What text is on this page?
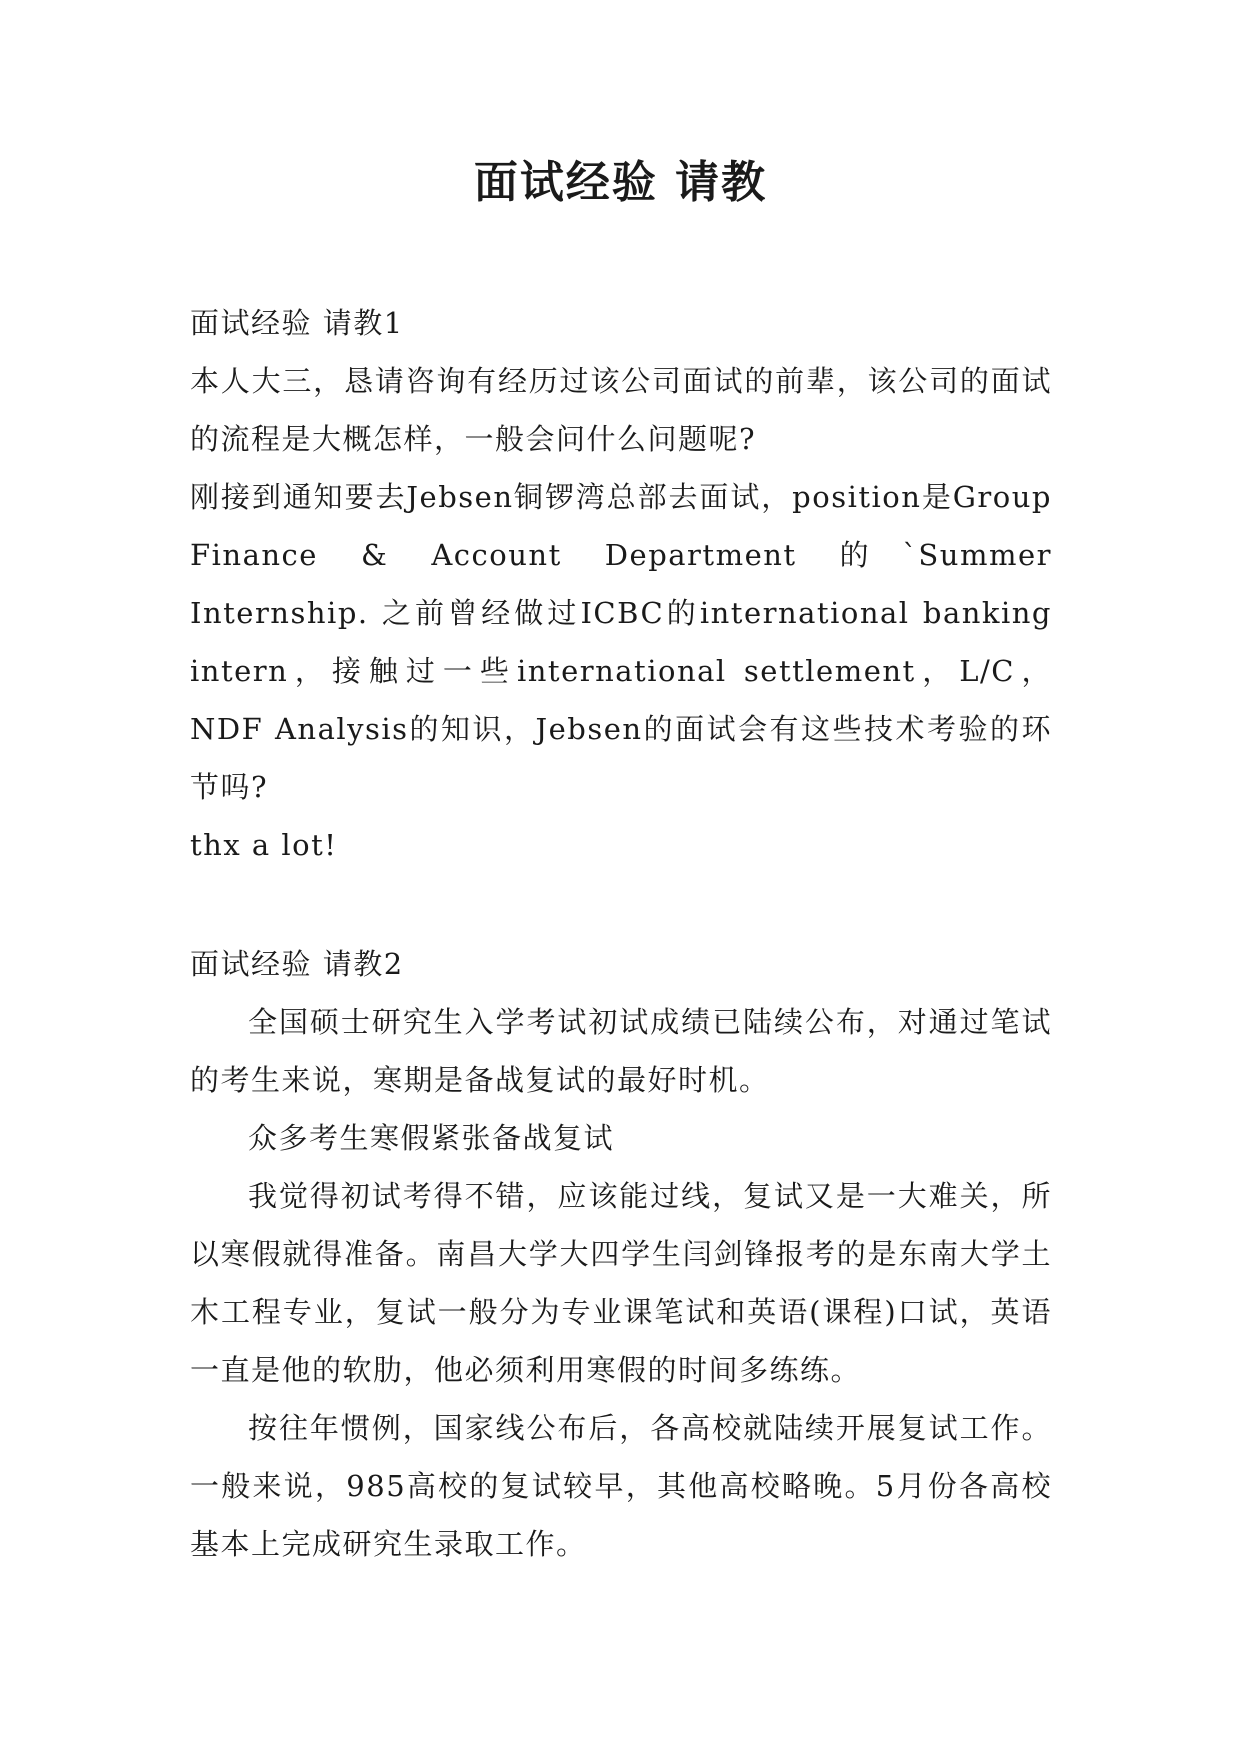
面试经验 请教
面试经验 请教1

本人大三，恳请咨询有经历过该公司面试的前辈，该公司的面试的流程是大概怎样，一般会问什么问题呢?

刚接到通知要去Jebsen铜锣湾总部去面试，position是Group Finance & Account Department 的`Summer Internship. 之前曾经做过ICBC的international banking intern，接触过一些international settlement，L/C，NDF Analysis的知识，Jebsen的面试会有这些技术考验的环节吗?

thx a lot!

面试经验 请教2

全国硕士研究生入学考试初试成绩已陆续公布，对通过笔试的考生来说，寒期是备战复试的最好时机。

众多考生寒假紧张备战复试

我觉得初试考得不错，应该能过线，复试又是一大难关，所以寒假就得准备。南昌大学大四学生闫剑锋报考的是东南大学土木工程专业，复试一般分为专业课笔试和英语(课程)口试，英语一直是他的软肋，他必须利用寒假的时间多练练。

按往年惯例，国家线公布后，各高校就陆续开展复试工作。一般来说，985高校的复试较早，其他高校略晚。5月份各高校基本上完成研究生录取工作。
